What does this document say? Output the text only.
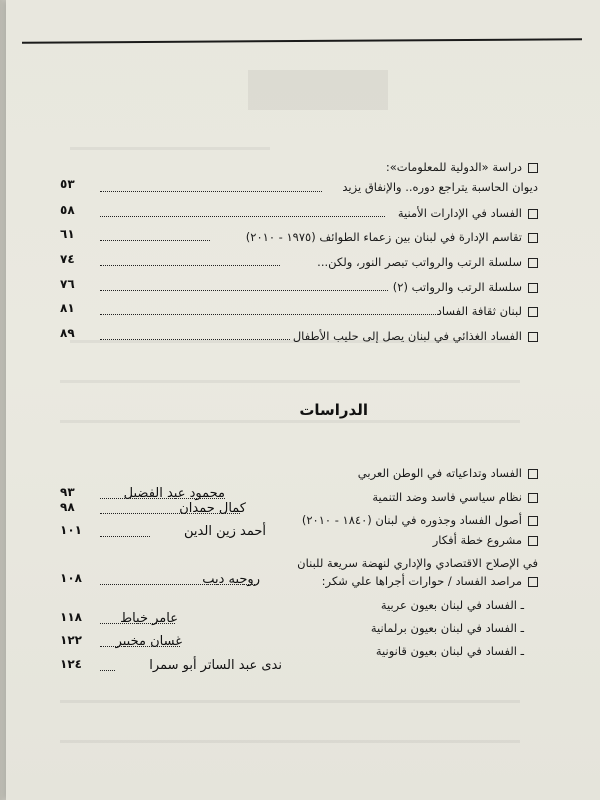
دراسة «الدولية للمعلومات»:
ديوان الحاسبة يتراجع دوره.. والإنفاق يزيد
٥٣
الفساد في الإدارات الأمنية
٥٨
تقاسم الإدارة في لبنان بين زعماء الطوائف (١٩٧٥ - ٢٠١٠)
٦١
سلسلة الرتب والرواتب تبصر النور، ولكن...
٧٤
سلسلة الرتب والرواتب (٢)
٧٦
لبنان ثقافة الفساد
٨١
الفساد الغذائي في لبنان يصل إلى حليب الأطفال
٨٩
الدراسات
الفساد وتداعياته في الوطن العربي
محمود عبد الفضيل
٩٣	نظام سياسي فاسد وضد التنمية
كمال حمدان
٩٨
أصول الفساد وجذوره في لبنان (١٨٤٠ - ٢٠١٠)
أحمد زين الدين
١٠١
مشروع خطة أفكار
في الإصلاح الاقتصادي والإداري لنهضة سريعة للبنان
روجيه ديب
١٠٨	مراصد الفساد / حوارات أجراها علي شكر:
ـ الفساد في لبنان بعيون عربية
عامر خياط
١١٨
ـ الفساد في لبنان بعيون برلمانية
غسان مخيبر
١٢٢
ـ الفساد في لبنان بعيون قانونية
ندى عبد الساتر أبو سمرا
١٢٤
